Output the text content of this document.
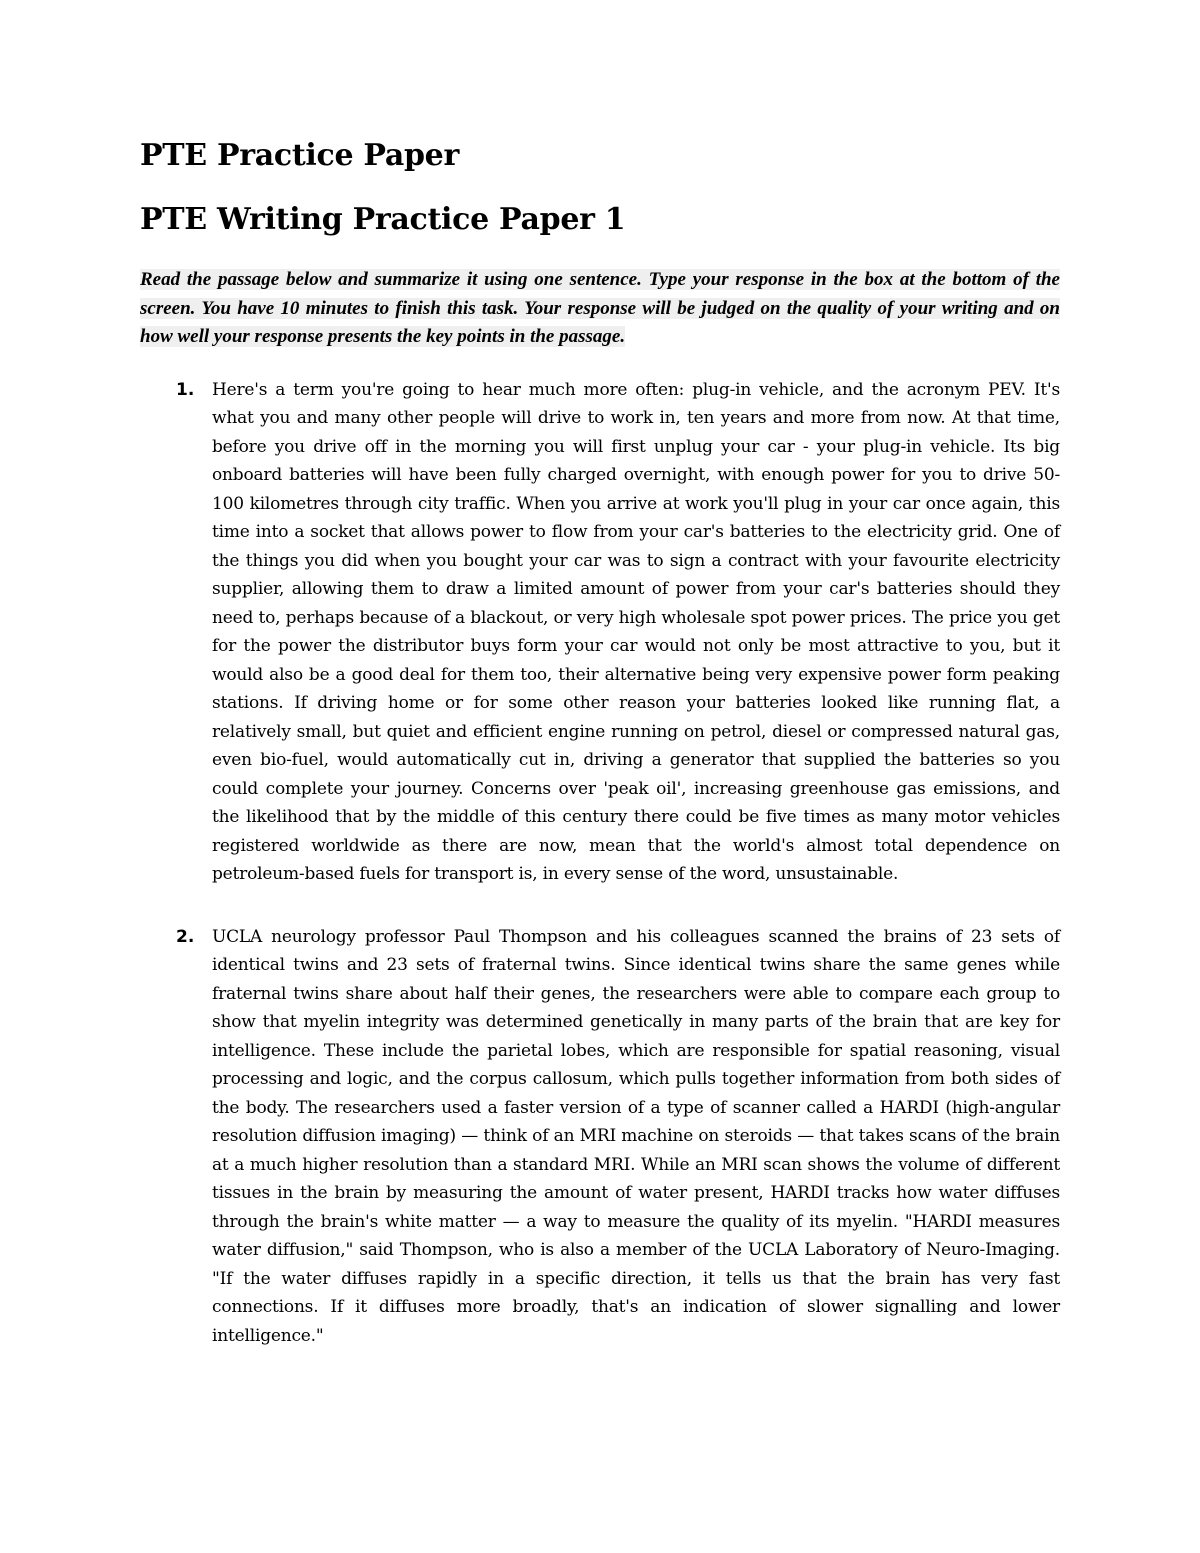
PTE Practice Paper
PTE Writing Practice Paper 1

Read the passage below and summarize it using one sentence. Type your response in the box at the bottom of the screen. You have 10 minutes to finish this task. Your response will be judged on the quality of your writing and on how well your response presents the key points in the passage.

1. Here's a term you're going to hear much more often: plug-in vehicle, and the acronym PEV. It's what you and many other people will drive to work in, ten years and more from now. At that time, before you drive off in the morning you will first unplug your car - your plug-in vehicle. Its big onboard batteries will have been fully charged overnight, with enough power for you to drive 50-100 kilometres through city traffic. When you arrive at work you'll plug in your car once again, this time into a socket that allows power to flow from your car's batteries to the electricity grid. One of the things you did when you bought your car was to sign a contract with your favourite electricity supplier, allowing them to draw a limited amount of power from your car's batteries should they need to, perhaps because of a blackout, or very high wholesale spot power prices. The price you get for the power the distributor buys form your car would not only be most attractive to you, but it would also be a good deal for them too, their alternative being very expensive power form peaking stations. If driving home or for some other reason your batteries looked like running flat, a relatively small, but quiet and efficient engine running on petrol, diesel or compressed natural gas, even bio-fuel, would automatically cut in, driving a generator that supplied the batteries so you could complete your journey. Concerns over 'peak oil', increasing greenhouse gas emissions, and the likelihood that by the middle of this century there could be five times as many motor vehicles registered worldwide as there are now, mean that the world's almost total dependence on petroleum-based fuels for transport is, in every sense of the word, unsustainable.
2. UCLA neurology professor Paul Thompson and his colleagues scanned the brains of 23 sets of identical twins and 23 sets of fraternal twins. Since identical twins share the same genes while fraternal twins share about half their genes, the researchers were able to compare each group to show that myelin integrity was determined genetically in many parts of the brain that are key for intelligence. These include the parietal lobes, which are responsible for spatial reasoning, visual processing and logic, and the corpus callosum, which pulls together information from both sides of the body. The researchers used a faster version of a type of scanner called a HARDI (high-angular resolution diffusion imaging) — think of an MRI machine on steroids — that takes scans of the brain at a much higher resolution than a standard MRI. While an MRI scan shows the volume of different tissues in the brain by measuring the amount of water present, HARDI tracks how water diffuses through the brain's white matter — a way to measure the quality of its myelin. "HARDI measures water diffusion," said Thompson, who is also a member of the UCLA Laboratory of Neuro-Imaging. "If the water diffuses rapidly in a specific direction, it tells us that the brain has very fast connections. If it diffuses more broadly, that's an indication of slower signalling and lower intelligence."
